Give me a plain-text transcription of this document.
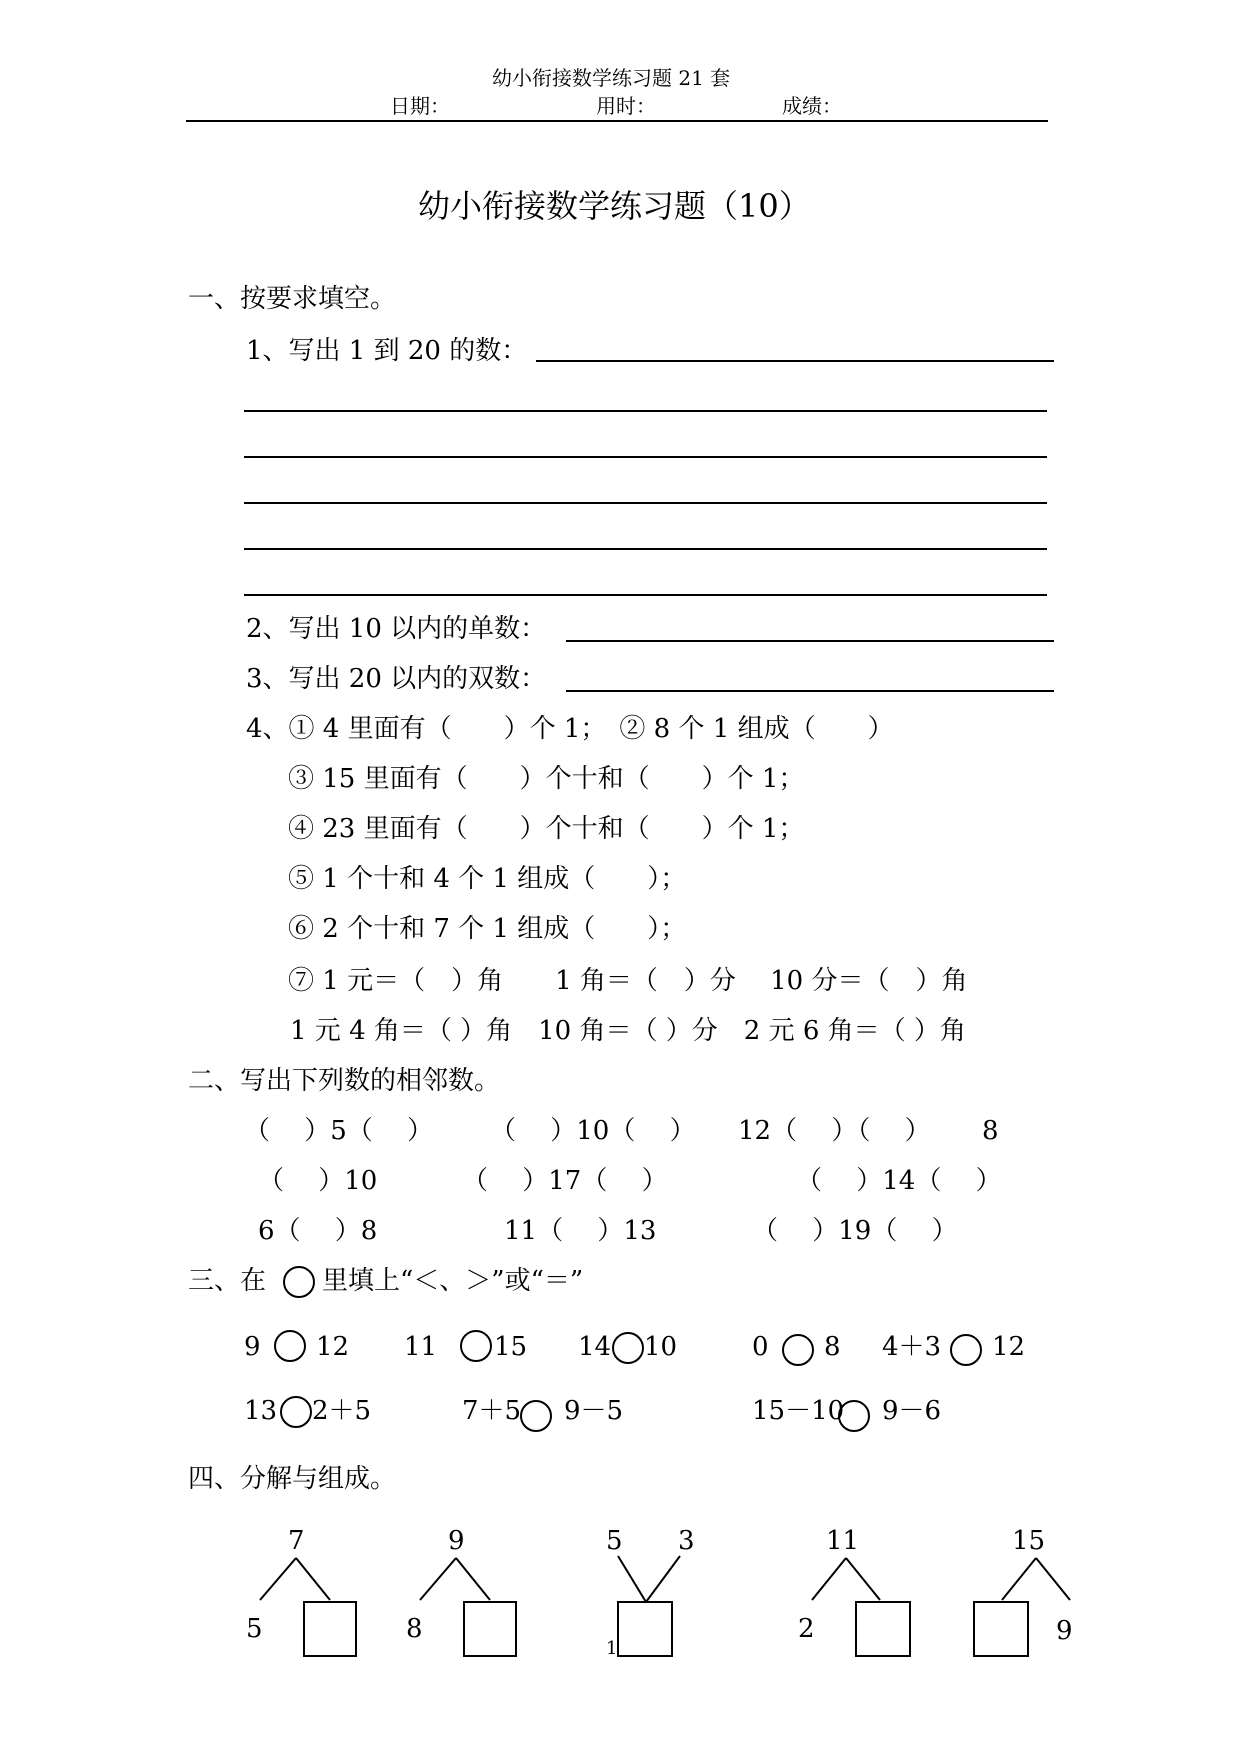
幼小衔接数学练习题 21 套
日期：	用时：	成绩：
幼小衔接数学练习题（10）
一、按要求填空。
1、写出 1 到 20 的数：
2、写出 10 以内的单数：
3、写出 20 以内的双数：
4、① 4 里面有（　　）个 1；　② 8 个 1 组成（　　）
③ 15 里面有（　　）个十和（　　）个 1；
④ 23 里面有（　　）个十和（　　）个 1；
⑤ 1 个十和 4 个 1 组成（　　）；
⑥ 2 个十和 7 个 1 组成（　　）；
⑦ 1 元＝（　）角　　1 角＝（　）分　 10 分＝（　）角
1 元 4 角＝（ ）角　10 角＝（ ）分　2 元 6 角＝（ ）角
二、写出下列数的相邻数。
（　 ）5（　 ） （　 ）10（　 ） 12（　 ）（　 ） 8
（　 ）10	（　 ）17（　 ）	（　 ）14（　 ）
6（　 ）8	11（　 ）13	（　 ）19（　 ）
三、在 里填上“＜、＞”或“＝”
9 12 11 15 14 10	0 8 4＋3 12
13 2＋5	7＋5 9－5	15－10 9－6
四、分解与组成。
7
5
9
8
5 3	11
2
15
9
1
